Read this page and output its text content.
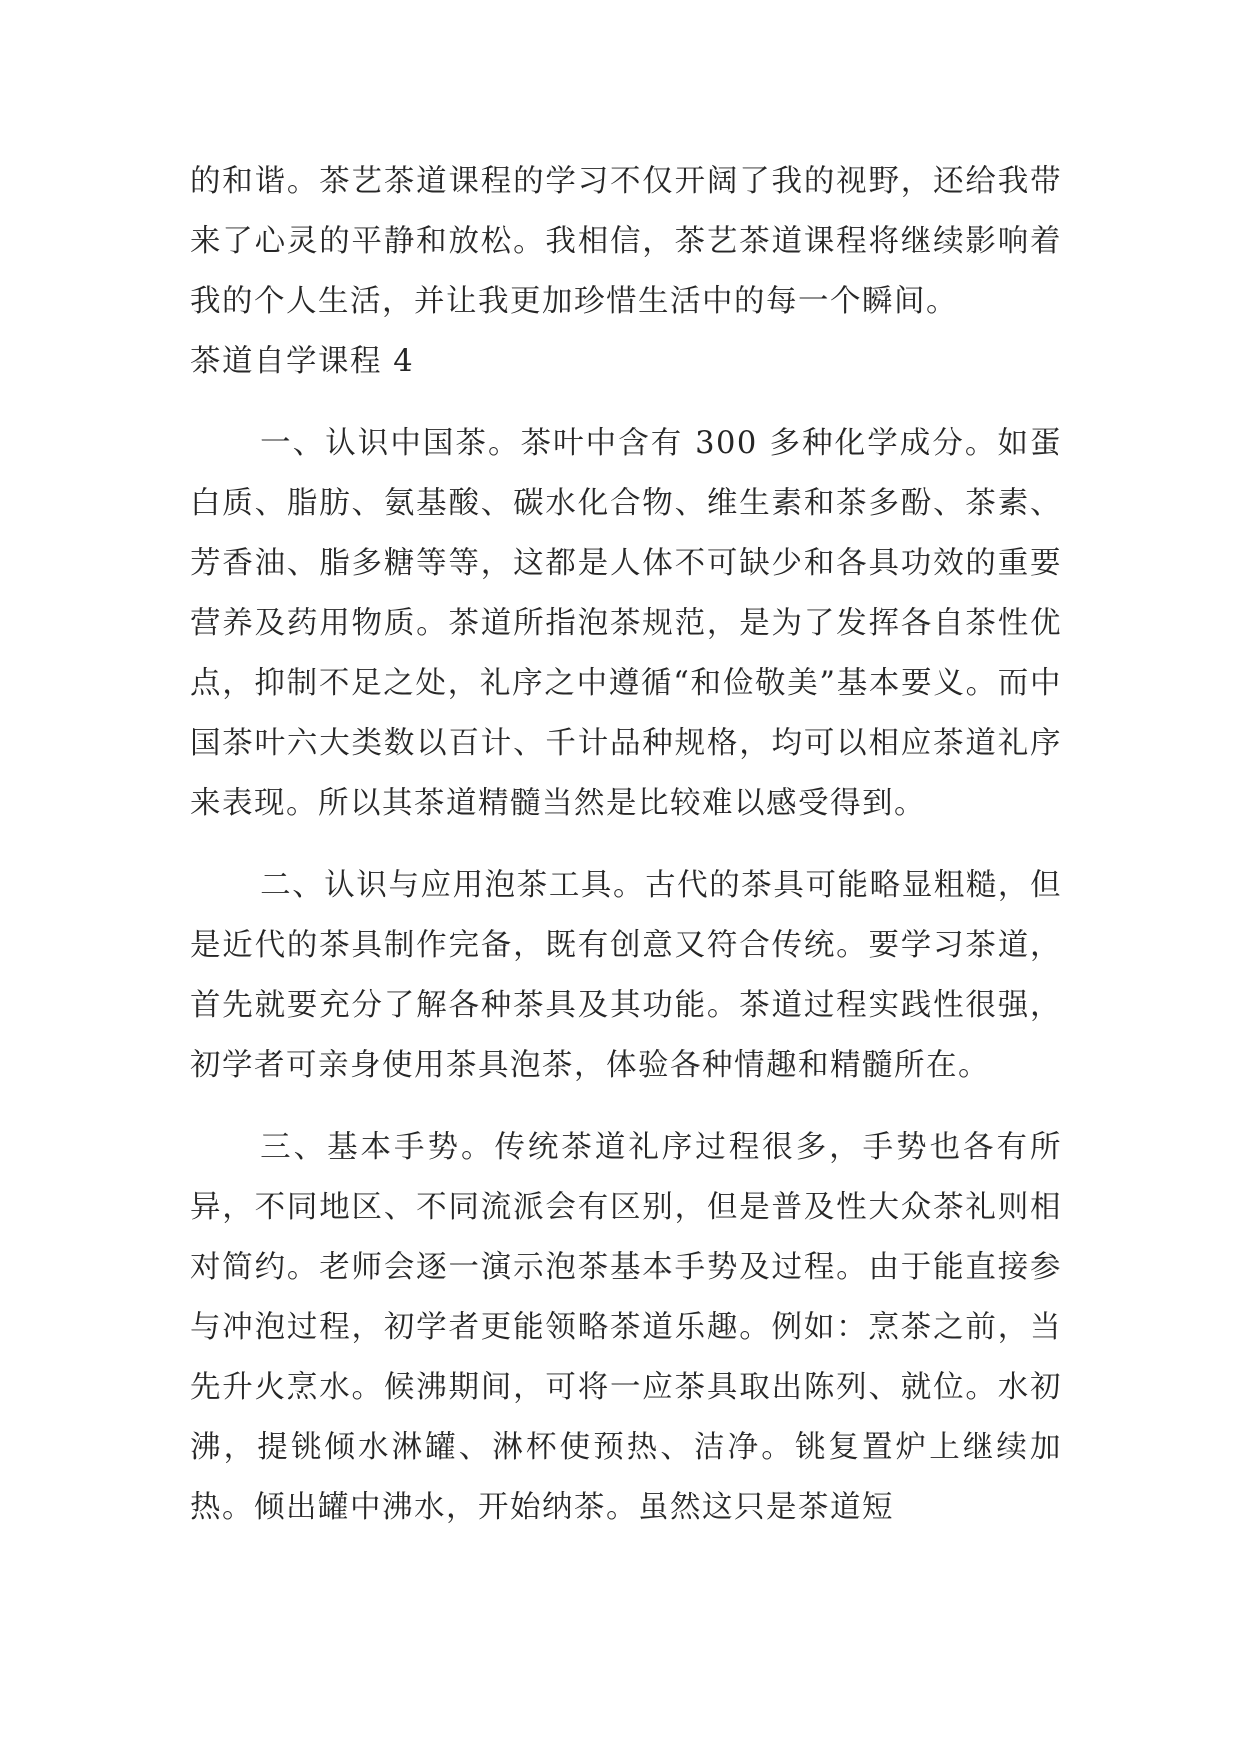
的和谐。茶艺茶道课程的学习不仅开阔了我的视野，还给我带来了心灵的平静和放松。我相信，茶艺茶道课程将继续影响着我的个人生活，并让我更加珍惜生活中的每一个瞬间。

茶道自学课程 4

一、认识中国茶。茶叶中含有 300 多种化学成分。如蛋白质、脂肪、氨基酸、碳水化合物、维生素和茶多酚、茶素、芳香油、脂多糖等等，这都是人体不可缺少和各具功效的重要营养及药用物质。茶道所指泡茶规范，是为了发挥各自茶性优点，抑制不足之处，礼序之中遵循“和俭敬美”基本要义。而中国茶叶六大类数以百计、千计品种规格，均可以相应茶道礼序来表现。所以其茶道精髓当然是比较难以感受得到。

二、认识与应用泡茶工具。古代的茶具可能略显粗糙，但是近代的茶具制作完备，既有创意又符合传统。要学习茶道，首先就要充分了解各种茶具及其功能。茶道过程实践性很强，初学者可亲身使用茶具泡茶，体验各种情趣和精髓所在。

三、基本手势。传统茶道礼序过程很多，手势也各有所异，不同地区、不同流派会有区别，但是普及性大众茶礼则相对简约。老师会逐一演示泡茶基本手势及过程。由于能直接参与冲泡过程，初学者更能领略茶道乐趣。例如：烹茶之前，当先升火烹水。候沸期间，可将一应茶具取出陈列、就位。水初沸，提铫倾水淋罐、淋杯使预热、洁净。铫复置炉上继续加热。倾出罐中沸水，开始纳茶。虽然这只是茶道短
